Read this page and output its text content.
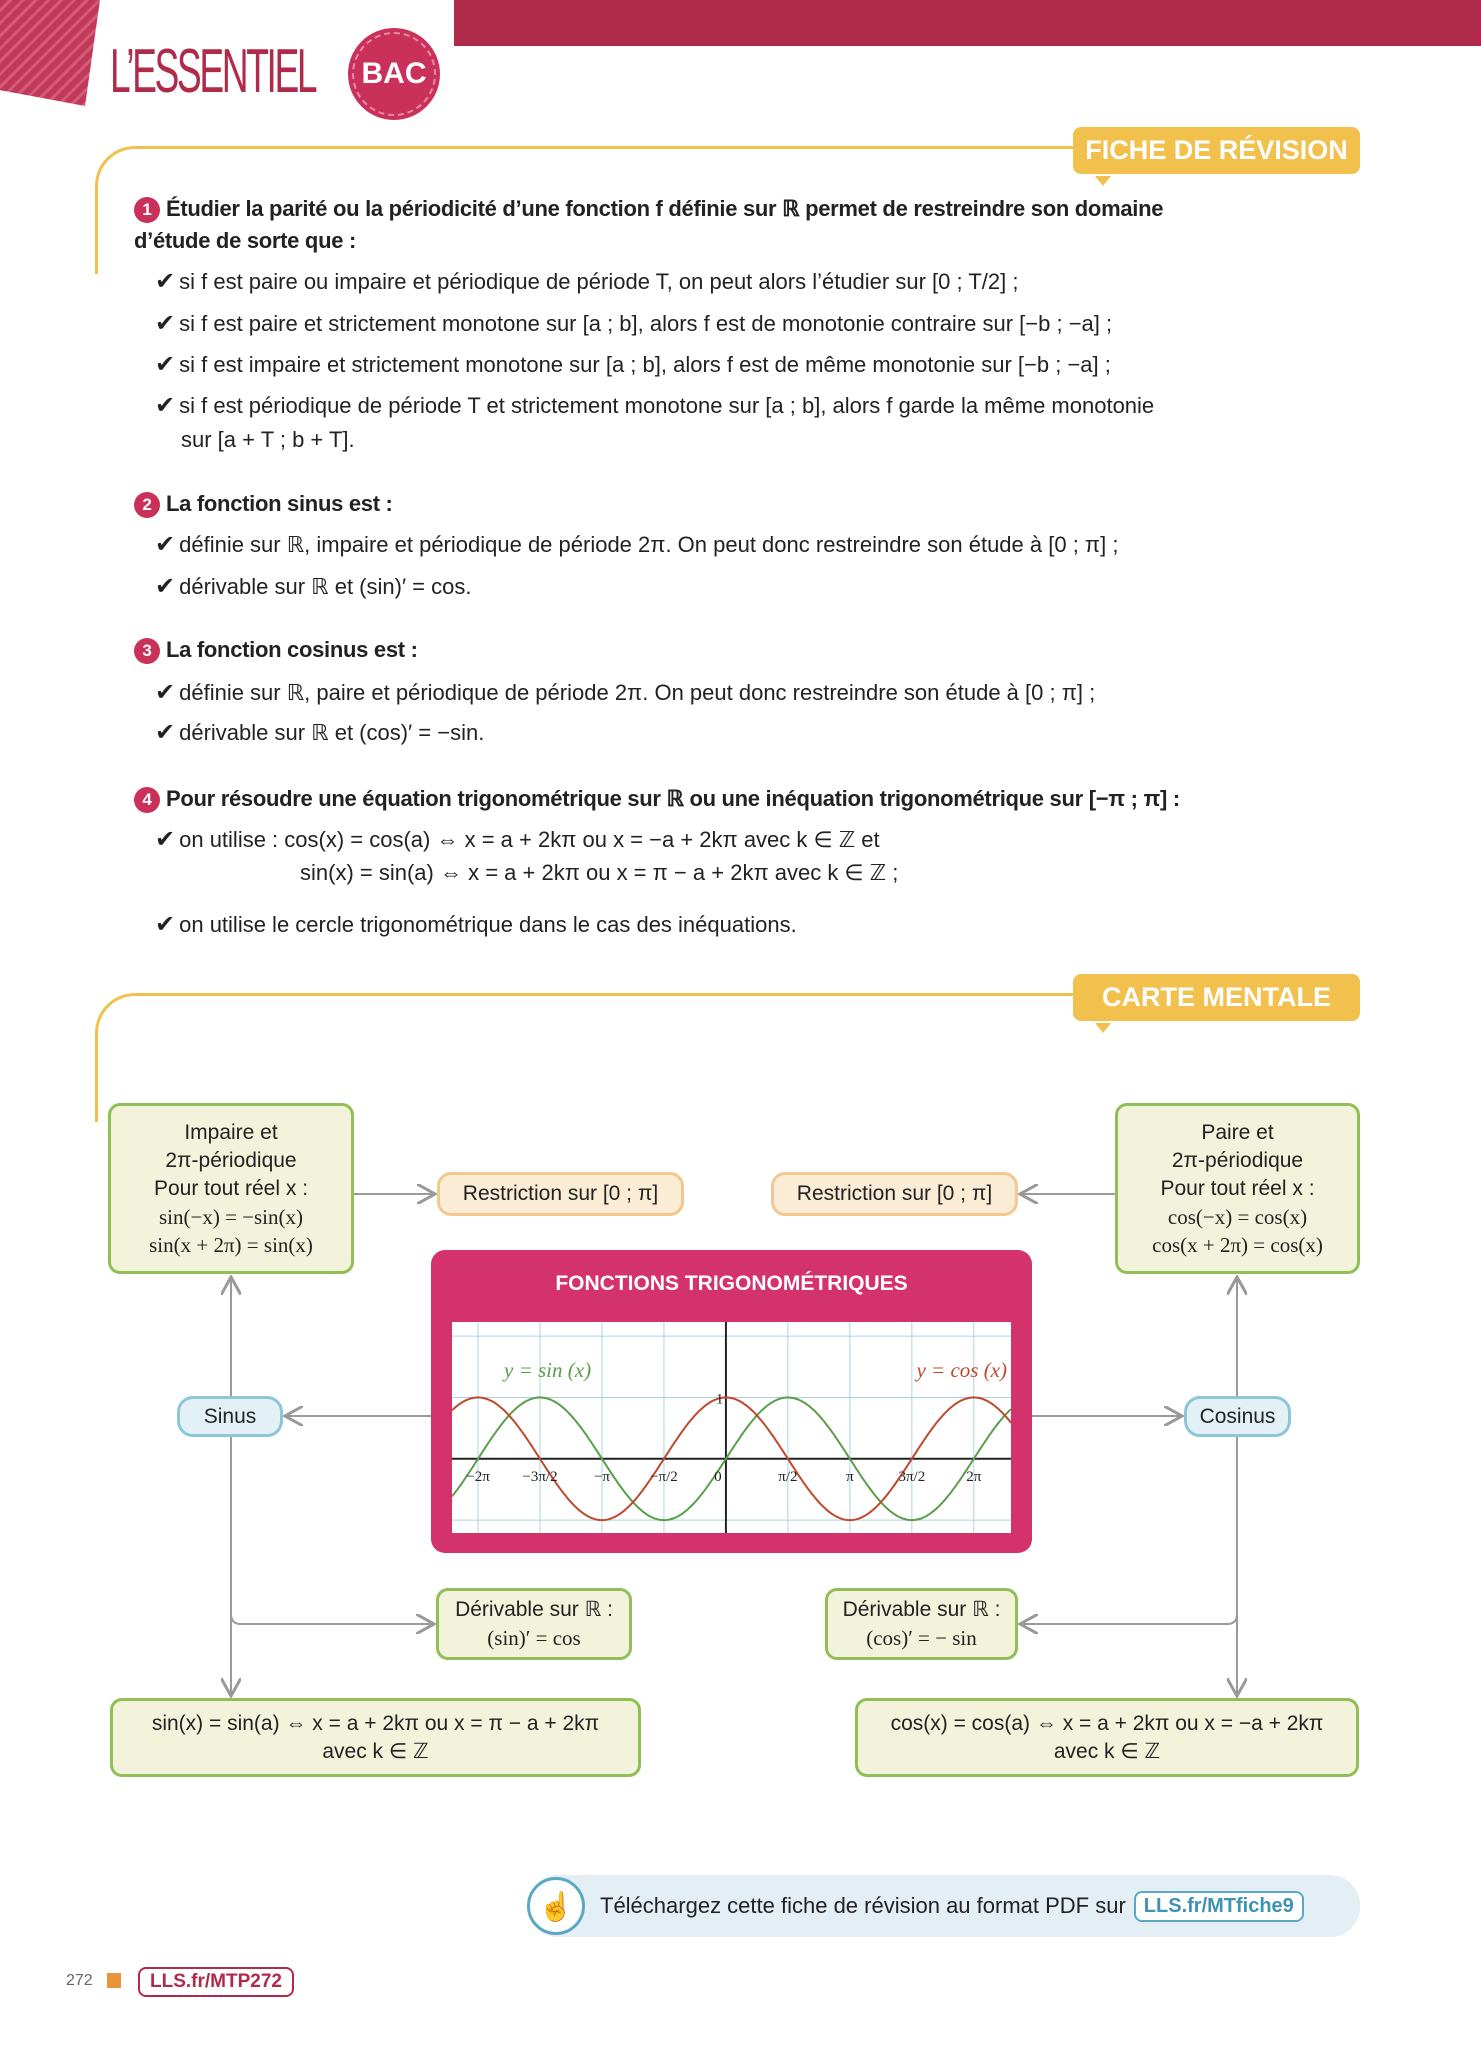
L’ESSENTIEL	BAC
FICHE DE RÉVISION
1 Étudier la parité ou la périodicité d’une fonction f définie sur ℝ permet de restreindre son domaine
d’étude de sorte que :
✔ si f est paire ou impaire et périodique de période T, on peut alors l’étudier sur [0 ; T/2] ;
✔ si f est paire et strictement monotone sur [a ; b], alors f est de monotonie contraire sur [−b ; −a] ;
✔ si f est impaire et strictement monotone sur [a ; b], alors f est de même monotonie sur [−b ; −a] ;
✔ si f est périodique de période T et strictement monotone sur [a ; b], alors f garde la même monotonie
sur [a + T ; b + T].
2 La fonction sinus est :
✔ définie sur ℝ, impaire et périodique de période 2π. On peut donc restreindre son étude à [0 ; π] ;
✔ dérivable sur ℝ et (sin)′ = cos.
3 La fonction cosinus est :
✔ définie sur ℝ, paire et périodique de période 2π. On peut donc restreindre son étude à [0 ; π] ;
✔ dérivable sur ℝ et (cos)′ = −sin.
4 Pour résoudre une équation trigonométrique sur ℝ ou une inéquation trigonométrique sur [−π ; π] :
✔ on utilise : cos(x) = cos(a) ⇔ x = a + 2kπ ou x = −a + 2kπ avec k ∈ ℤ et
sin(x) = sin(a) ⇔ x = a + 2kπ ou x = π − a + 2kπ avec k ∈ ℤ ;
✔ on utilise le cercle trigonométrique dans le cas des inéquations.
CARTE MENTALE
Impaire et
2π-périodique
Pour tout réel x :
sin(−x) = −sin(x)
sin(x + 2π) = sin(x)
Paire et
2π-périodique
Pour tout réel x :
cos(−x) = cos(x)
cos(x + 2π) = cos(x)
Restriction sur [0 ; π]	Restriction sur [0 ; π]
Sinus	Cosinus
FONCTIONS TRIGONOMÉTRIQUES
−2π −3π/2 −π	−π/2 0	π/2	π	3π/2	2π
1
y = sin (x)	y = cos (x)
Dérivable sur ℝ :
(sin)′ = cos
Dérivable sur ℝ :
(cos)′ = − sin
sin(x) = sin(a) ⇔ x = a + 2kπ ou x = π − a + 2kπ
avec k ∈ ℤ
cos(x) = cos(a) ⇔ x = a + 2kπ ou x = −a + 2kπ
avec k ∈ ℤ
☝	Téléchargez cette fiche de révision au format PDF sur LLS.fr/MTfiche9
272	LLS.fr/MTP272
